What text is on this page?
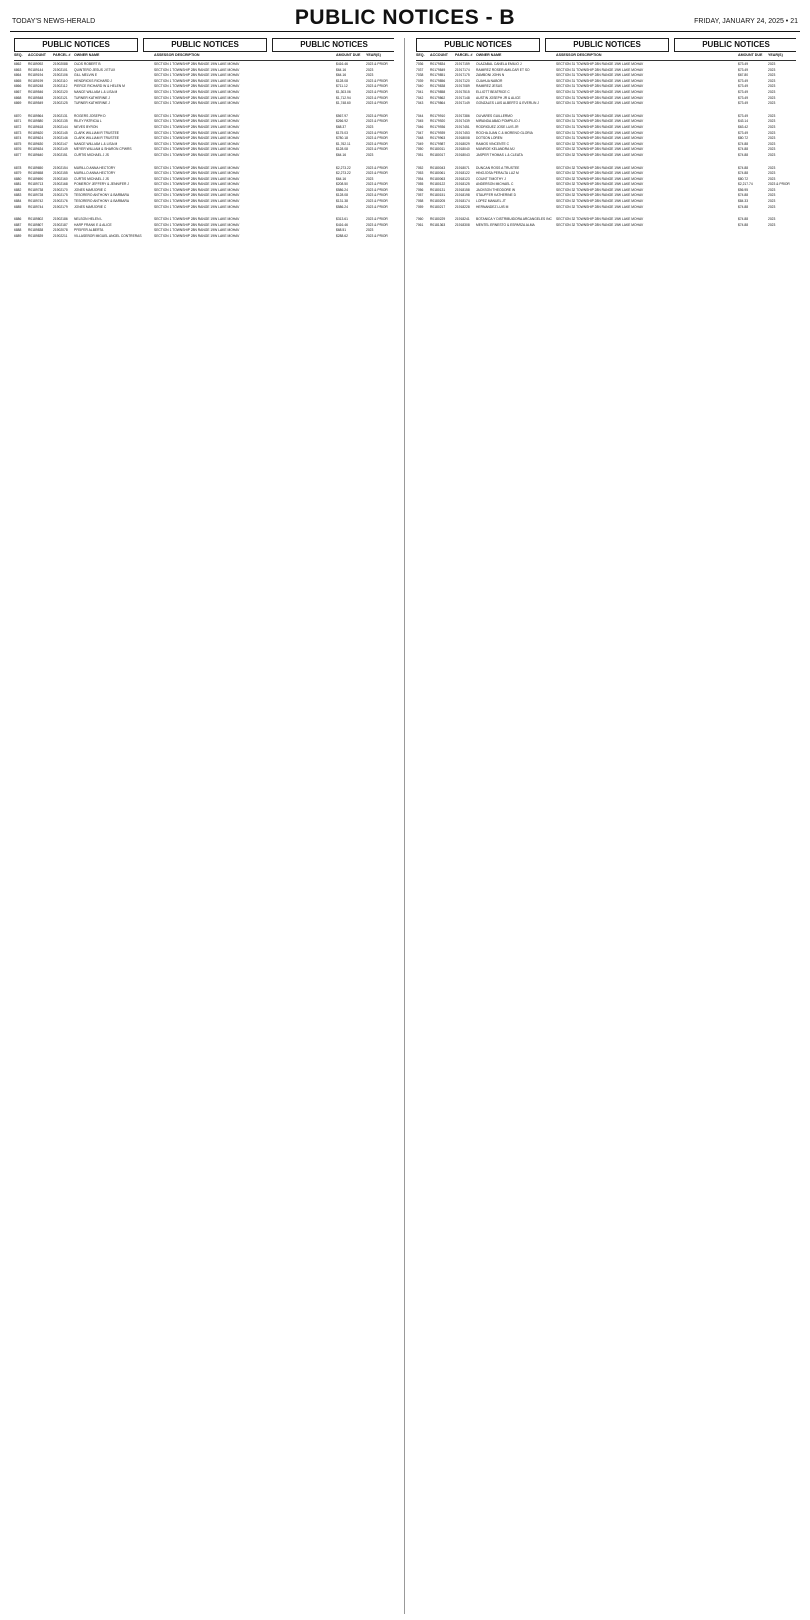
TODAY'S NEWS-HERALD	PUBLIC NOTICES - B	FRIDAY, JANUARY 24, 2025 • 21
PUBLIC NOTICES	PUBLIC NOTICES	PUBLIC NOTICES
SEQ.	ACCOUNT	PARCEL # OWNER NAME	ASSESSOR DESCRIPTION	AMOUNT DUE	YEAR(S)
6862	R0189092	21902088	OLDS ROBERT B	SECTION 1 TOWNSHIP 28N RANGE 19W LAKE MOHAV	$416.46	2023 & PRIOR
6863	R0189144	21902101	QUINTERO JESUS J ETUX	SECTION 1 TOWNSHIP 28N RANGE 19W LAKE MOHAV	$64.16	2023
6864	R0189194	21902106	GILL MELVIN E	SECTION 1 TOWNSHIP 28N RANGE 19W LAKE MOHAV	$64.16	2023
6865	R0189199	21902110	HENDRICKS RICHARD J	SECTION 1 TOWNSHIP 28N RANGE 19W LAKE MOHAV	$128.08	2023 & PRIOR
6866	R0189248	21902112	PIERCE RICHARD W & HELEN M	SECTION 1 TOWNSHIP 28N RANGE 19W LAKE MOHAV	$711.12	2023 & PRIOR
6867	R0189546	21902120	NANCE WILLIAM L & LISA M	SECTION 1 TOWNSHIP 28N RANGE 19W LAKE MOHAV	$1,303.06	2023 & PRIOR
6868	R0189548	21902121	TURNER KATHERINE J	SECTION 1 TOWNSHIP 28N RANGE 19W LAKE MOHAV	$1,712.94	2023 & PRIOR
6869	R0189549	21902125	TURNER KATHERINE J	SECTION 1 TOWNSHIP 28N RANGE 19W LAKE MOHAV	$1,748.60	2023 & PRIOR
6870	R0189564	21902131	ROGERS JOSEPH D	SECTION 1 TOWNSHIP 28N RANGE 19W LAKE MOHAV	$567.97	2023 & PRIOR
6871	R0189580	21902135	RILEY PATRICIA L	SECTION 1 TOWNSHIP 28N RANGE 19W LAKE MOHAV	$266.92	2023 & PRIOR
6872	R0189618	21902144	NEVES BYRON	SECTION 1 TOWNSHIP 28N RANGE 19W LAKE MOHAV	$68.37	2023
6873	R0189620	21902145	CLARK WILLIAM R TRUSTEE	SECTION 1 TOWNSHIP 28N RANGE 19W LAKE MOHAV	$175.03	2023 & PRIOR
6874	R0189624	21902146	CLARK WILLIAM R TRUSTEE	SECTION 1 TOWNSHIP 28N RANGE 19W LAKE MOHAV	$780.18	2023 & PRIOR
6875	R0189630	21902147	NANCE WILLIAM L & LISA M	SECTION 1 TOWNSHIP 28N RANGE 19W LAKE MOHAV	$1,762.11	2023 & PRIOR
6876	R0189634	21902149	MEYER WILLIAM & SHARON CPWRS	SECTION 1 TOWNSHIP 28N RANGE 19W LAKE MOHAV	$128.08	2023 & PRIOR
6877	R0189640	21902151	CURTIS MICHAEL J JS	SECTION 1 TOWNSHIP 28N RANGE 19W LAKE MOHAV	$64.16	2023
6878	R0189650	21902154	MURILLO ANNA HECTORY	SECTION 1 TOWNSHIP 28N RANGE 19W LAKE MOHAV	$2,273.22	2023 & PRIOR
6879	R0189658	21902155	MURILLO ANNA HECTORY	SECTION 1 TOWNSHIP 28N RANGE 19W LAKE MOHAV	$2,273.22	2023 & PRIOR
6880	R0189690	21902160	CURTIS MICHAEL J JS	SECTION 1 TOWNSHIP 28N RANGE 19W LAKE MOHAV	$64.16	2023
6881	R0189713	21902168	POMEROY JEFFERY & JENNIFER J	SECTION 1 TOWNSHIP 28N RANGE 19W LAKE MOHAV	$208.50	2023 & PRIOR
6882	R0189738	21902170	JONES MARJORIE C	SECTION 1 TOWNSHIP 28N RANGE 19W LAKE MOHAV	$586.24	2023 & PRIOR
6883	R0189728	21902175	TESORERO ANTHONY & BARBARA	SECTION 1 TOWNSHIP 28N RANGE 19W LAKE MOHAV	$128.08	2023 & PRIOR
6884	R0189742	21902176	TESORERO ANTHONY & BARBARA	SECTION 1 TOWNSHIP 28N RANGE 19W LAKE MOHAV	$131.38	2023 & PRIOR
6885	R0189744	21902179	JONES MARJORIE C	SECTION 1 TOWNSHIP 28N RANGE 19W LAKE MOHAV	$586.24	2023 & PRIOR
6886	R0189802	21902186	NELSON HELEN L	SECTION 1 TOWNSHIP 28N RANGE 19W LAKE MOHAV	$313.61	2023 & PRIOR
6887	R0189807	21902187	HARP FRANK E & ALICE	SECTION 1 TOWNSHIP 28N RANGE 19W LAKE MOHAV	$416.46	2023 & PRIOR
6888	R0189838	21902078	PFEIFER ALBERTA	SECTION 1 TOWNSHIP 28N RANGE 19W LAKE MOHAV	$68.51	2023
6889	R0189839	21902211	VILLASEÑOR MIGUEL ANGEL CONTRERAS	SECTION 1 TOWNSHIP 28N RANGE 19W LAKE MOHAV	$288.62	2023 & PRIOR
PUBLIC NOTICES	PUBLIC NOTICES	PUBLIC NOTICES
SEQ.	ACCOUNT	PARCEL # OWNER NAME	ASSESSOR DESCRIPTION	AMOUNT DUE	YEAR(S)
7036	R0179834	21917159	OLAZABAL CANELA EMILIO J	SECTION 31 TOWNSHIP 28N RANGE 19W LAKE MOHAV	$73.49	2023
7037	R0179849	21917174	RAMIREZ ROSER AMILCAR ET SO	SECTION 31 TOWNSHIP 28N RANGE 19W LAKE MOHAV	$73.49	2023
7038	R0179851	21917175	ZAMBONI JOHN N	SECTION 31 TOWNSHIP 28N RANGE 19W LAKE MOHAV	$67.80	2023
7039	R0179856	21917120	CUAHUA NABOR	SECTION 31 TOWNSHIP 28N RANGE 19W LAKE MOHAV	$73.49	2023
7040	R0179838	21917089	RAMIREZ JESUS	SECTION 31 TOWNSHIP 28N RANGE 19W LAKE MOHAV	$73.49	2023
7041	R0179858	21917515	ELLIOTT BEATRICE C	SECTION 31 TOWNSHIP 28N RANGE 19W LAKE MOHAV	$73.49	2023
7042	R0179862	21917148	AUSTIN JOSEPH JR & ALICE	SECTION 31 TOWNSHIP 28N RANGE 19W LAKE MOHAV	$73.49	2023
7043	R0179864	21917149	GONZALES LUIS ALBERTO & EVERLIN J	SECTION 31 TOWNSHIP 28N RANGE 19W LAKE MOHAV	$73.49	2023
7044	R0179910	21917386	OLIVARES GUILLERMO	SECTION 31 TOWNSHIP 28N RANGE 19W LAKE MOHAV	$73.49	2023
7045	R0179920	21917439	MIRANDA ABAD POMPILIO J	SECTION 31 TOWNSHIP 28N RANGE 19W LAKE MOHAV	$43.14	2023
7046	R0179936	21917451	RODRIGUEZ JOSE LUIS JR	SECTION 31 TOWNSHIP 28N RANGE 19W LAKE MOHAV	$63.42	2023
7047	R0179939	21917453	ROCHA JUAN C & MORENO GLORIA	SECTION 31 TOWNSHIP 28N RANGE 19W LAKE MOHAV	$73.49	2023
7048	R0179963	21918008	DOTSON LOREN	SECTION 31 TOWNSHIP 28N RANGE 19W LAKE MOHAV	$80.72	2023
7049	R0179987	21918029	RAMOS VINCENTE C	SECTION 32 TOWNSHIP 28N RANGE 19W LAKE MOHAV	$74.88	2023
7050	R0180011	21918040	MUNROE KELANDRA MJ	SECTION 32 TOWNSHIP 28N RANGE 19W LAKE MOHAV	$74.88	2023
7051	R0180017	21918043	JASPER THOMAS L & CLEATA	SECTION 32 TOWNSHIP 28N RANGE 19W LAKE MOHAV	$74.88	2023
7052	R0180043	21918071	DUNCAN ROSS A TRUSTEE	SECTION 32 TOWNSHIP 28N RANGE 19W LAKE MOHAV	$74.88	2023
7053	R0180061	21918122	HINOJOSA PERALTA LUZ M	SECTION 32 TOWNSHIP 28N RANGE 19W LAKE MOHAV	$74.88	2023
7054	R0180063	21918123	COUNT TIMOTHY J	SECTION 32 TOWNSHIP 28N RANGE 19W LAKE MOHAV	$80.72	2023
7055	R0180122	21918125	ANDERSON MICHAEL C	SECTION 32 TOWNSHIP 28N RANGE 19W LAKE MOHAV	$2,217.74	2023 & PRIOR
7056	R0180131	21918158	JACKSON THEODORE W	SECTION 32 TOWNSHIP 28N RANGE 19W LAKE MOHAV	$56.95	2023
7057	R0180151	21918198	STAUFFER KATHERINE D	SECTION 32 TOWNSHIP 28N RANGE 19W LAKE MOHAV	$74.88	2023
7058	R0180205	21918174	LOPEZ MANUEL JT	SECTION 32 TOWNSHIP 28N RANGE 19W LAKE MOHAV	$84.33	2023
7059	R0180217	21918228	HERNANDEZ LUIS M	SECTION 32 TOWNSHIP 28N RANGE 19W LAKE MOHAV	$74.88	2023
7060	R0180229	21918241	BOTANICA Y DISTRIBUIDORA ARCANGELES INC	SECTION 32 TOWNSHIP 28N RANGE 19W LAKE MOHAV	$74.88	2023
7061	R0181363	21918308	MENTEL ERNESTO & ESPARZA ALMA	SECTION 32 TOWNSHIP 28N RANGE 19W LAKE MOHAV	$74.88	2023
